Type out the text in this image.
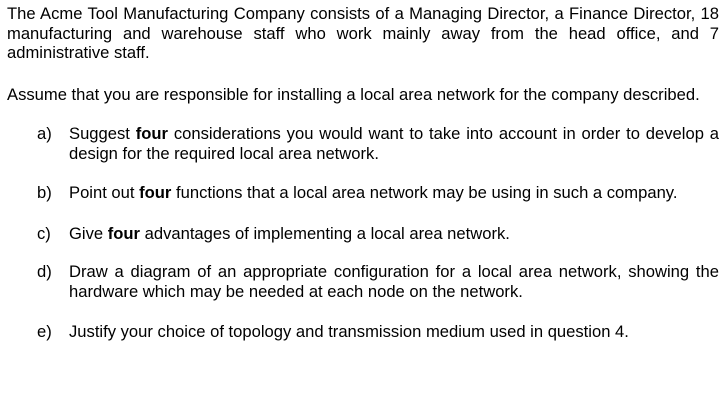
The Acme Tool Manufacturing Company consists of a Managing Director, a Finance Director, 18 manufacturing and warehouse staff who work mainly away from the head office, and 7 administrative staff.

Assume that you are responsible for installing a local area network for the company described.

a) Suggest four considerations you would want to take into account in order to develop a design for the required local area network.
b) Point out four functions that a local area network may be using in such a company.
c) Give four advantages of implementing a local area network.
d) Draw a diagram of an appropriate configuration for a local area network, showing the hardware which may be needed at each node on the network.
e) Justify your choice of topology and transmission medium used in question 4.
